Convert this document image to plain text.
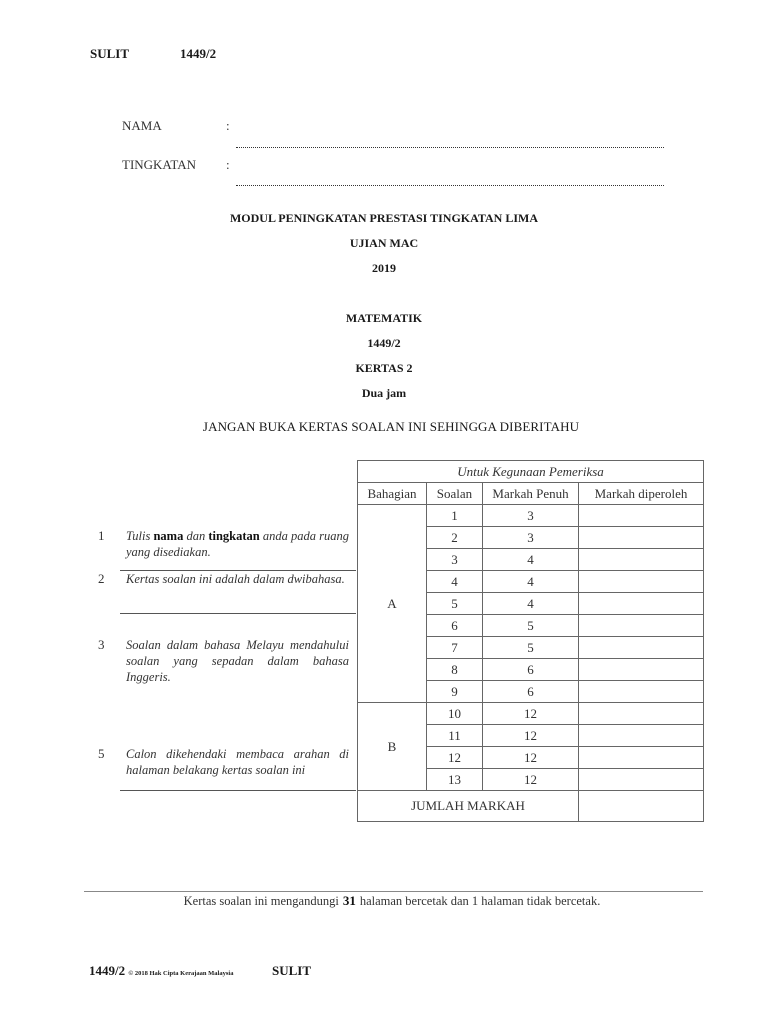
SULIT	1449/2
NAMA	:
TINGKATAN :
MODUL PENINGKATAN PRESTASI TINGKATAN LIMA
UJIAN MAC
2019
MATEMATIK
1449/2
KERTAS 2
Dua jam
JANGAN BUKA KERTAS SOALAN INI SEHINGGA DIBERITAHU
1 Tulis nama dan tingkatan anda pada ruang yang disediakan.
2 Kertas soalan ini adalah dalam dwibahasa.
3 Soalan dalam bahasa Melayu mendahului soalan yang sepadan dalam bahasa Inggeris.
5 Calon dikehendaki membaca arahan di halaman belakang kertas soalan ini
Untuk Kegunaan Pemeriksa			
Bahagian	Soalan	Markah Penuh	Markah diperoleh
A	1	3	
	2	3	
	3	4	
	4	4	
	5	4	
	6	5	
	7	5	
	8	6	
	9	6	
B	10	12	
	11	12	
	12	12	
	13	12	
JUMLAH MARKAH			
Kertas soalan ini mengandungi 31 halaman bercetak dan 1 halaman tidak bercetak.
1449/2 © 2018 Hak Cipta Kerajaan Malaysia	SULIT
